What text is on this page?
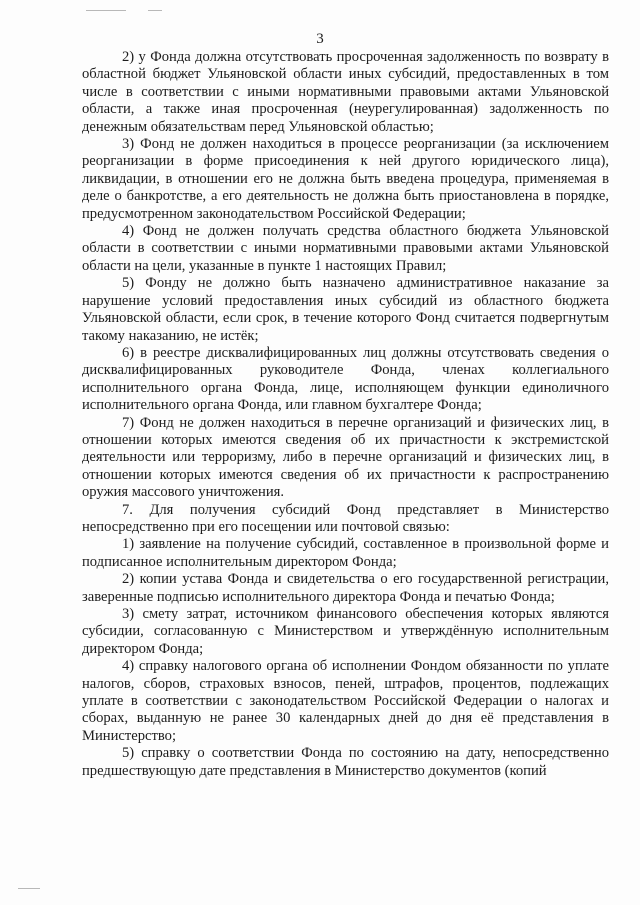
3

2) у Фонда должна отсутствовать просроченная задолженность по возврату в областной бюджет Ульяновской области иных субсидий, предоставленных в том числе в соответствии с иными нормативными правовыми актами Ульяновской области, а также иная просроченная (неурегулированная) задолженность по денежным обязательствам перед Ульяновской областью;

3) Фонд не должен находиться в процессе реорганизации (за исключением реорганизации в форме присоединения к ней другого юридического лица), ликвидации, в отношении его не должна быть введена процедура, применяемая в деле о банкротстве, а его деятельность не должна быть приостановлена в порядке, предусмотренном законодательством Российской Федерации;

4) Фонд не должен получать средства областного бюджета Ульяновской области в соответствии с иными нормативными правовыми актами Ульяновской области на цели, указанные в пункте 1 настоящих Правил;

5) Фонду не должно быть назначено административное наказание за нарушение условий предоставления иных субсидий из областного бюджета Ульяновской области, если срок, в течение которого Фонд считается подвергнутым такому наказанию, не истёк;

6) в реестре дисквалифицированных лиц должны отсутствовать сведения о дисквалифицированных руководителе Фонда, членах коллегиального исполнительного органа Фонда, лице, исполняющем функции единоличного исполнительного органа Фонда, или главном бухгалтере Фонда;

7) Фонд не должен находиться в перечне организаций и физических лиц, в отношении которых имеются сведения об их причастности к экстремистской деятельности или терроризму, либо в перечне организаций и физических лиц, в отношении которых имеются сведения об их причастности к распространению оружия массового уничтожения.

7. Для получения субсидий Фонд представляет в Министерство непосредственно при его посещении или почтовой связью:

1) заявление на получение субсидий, составленное в произвольной форме и подписанное исполнительным директором Фонда;

2) копии устава Фонда и свидетельства о его государственной регистрации, заверенные подписью исполнительного директора Фонда и печатью Фонда;

3) смету затрат, источником финансового обеспечения которых являются субсидии, согласованную с Министерством и утверждённую исполнительным директором Фонда;

4) справку налогового органа об исполнении Фондом обязанности по уплате налогов, сборов, страховых взносов, пеней, штрафов, процентов, подлежащих уплате в соответствии с законодательством Российской Федерации о налогах и сборах, выданную не ранее 30 календарных дней до дня её представления в Министерство;

5) справку о соответствии Фонда по состоянию на дату, непосредственно предшествующую дате представления в Министерство документов (копий
